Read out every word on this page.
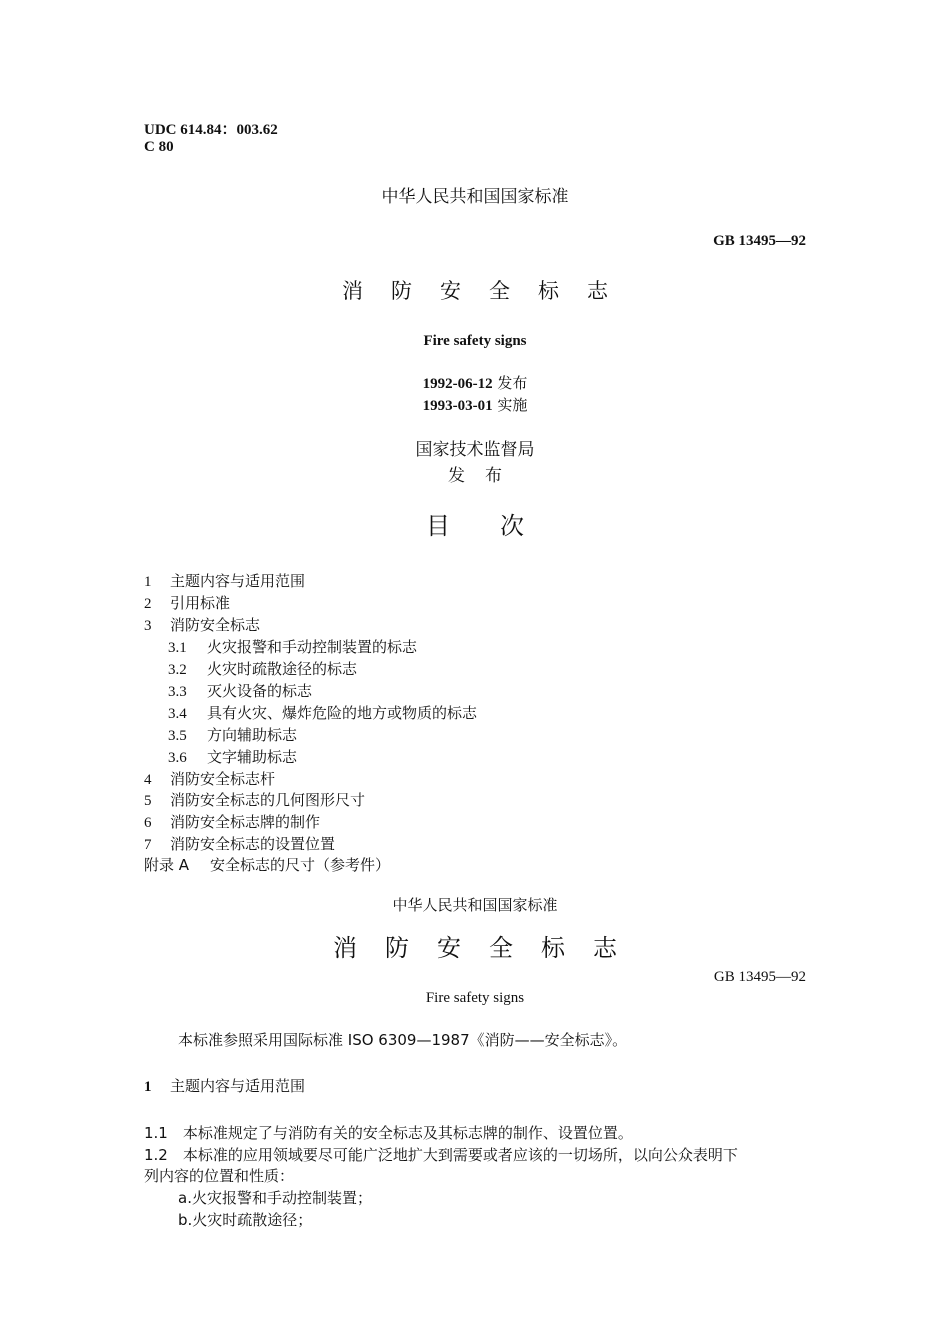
UDC 614.84：003.62
C 80
中华人民共和国国家标准
GB 13495—92
消防安全标志
Fire safety signs
1992-06-12 发布
1993-03-01 实施
国家技术监督局
发布
目次
1 主题内容与适用范围
2 引用标准
3 消防安全标志
3.1 火灾报警和手动控制装置的标志
3.2 火灾时疏散途径的标志
3.3 灭火设备的标志
3.4 具有火灾、爆炸危险的地方或物质的标志
3.5 方向辅助标志
3.6 文字辅助标志
4 消防安全标志杆
5 消防安全标志的几何图形尺寸
6 消防安全标志牌的制作
7 消防安全标志的设置位置
附录 A 安全标志的尺寸（参考件）
中华人民共和国国家标准
消防安全标志
GB 13495—92
Fire safety signs
本标准参照采用国际标准 ISO 6309—1987《消防——安全标志》。
1 主题内容与适用范围
1.1　本标准规定了与消防有关的安全标志及其标志牌的制作、设置位置。
1.2　本标准的应用领域要尽可能广泛地扩大到需要或者应该的一切场所，以向公众表明下
列内容的位置和性质：
a.火灾报警和手动控制装置；
b.火灾时疏散途径；
